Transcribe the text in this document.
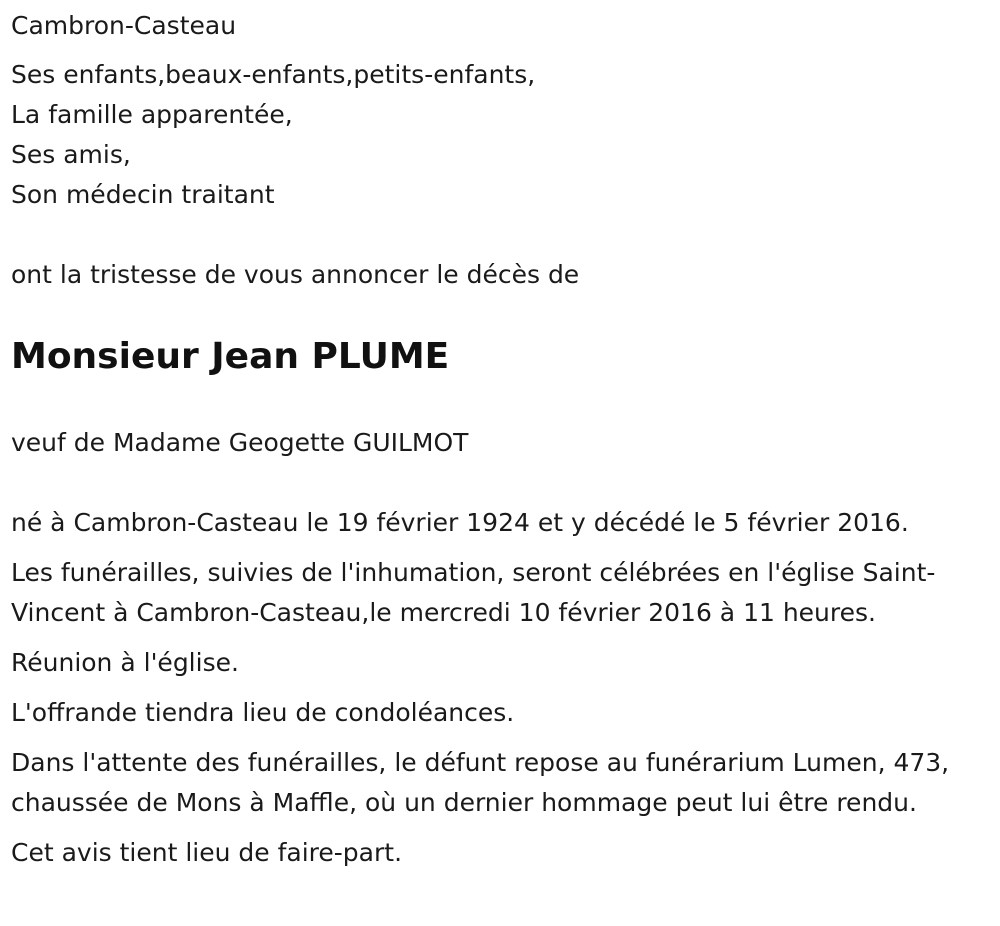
Cambron-Casteau
Ses enfants,beaux-enfants,petits-enfants,
La famille apparentée,
Ses amis,
Son médecin traitant
ont la tristesse de vous annoncer le décès de
Monsieur Jean PLUME
veuf de Madame Geogette GUILMOT

né à Cambron-Casteau le 19 février 1924 et y décédé le 5 février 2016.

Les funérailles, suivies de l'inhumation, seront célébrées en l'église Saint-Vincent à Cambron-Casteau,le mercredi 10 février 2016 à 11 heures.

Réunion à l'église.

L'offrande tiendra lieu de condoléances.

Dans l'attente des funérailles, le défunt repose au funérarium Lumen, 473, chaussée de Mons à Maffle, où un dernier hommage peut lui être rendu.

Cet avis tient lieu de faire-part.
